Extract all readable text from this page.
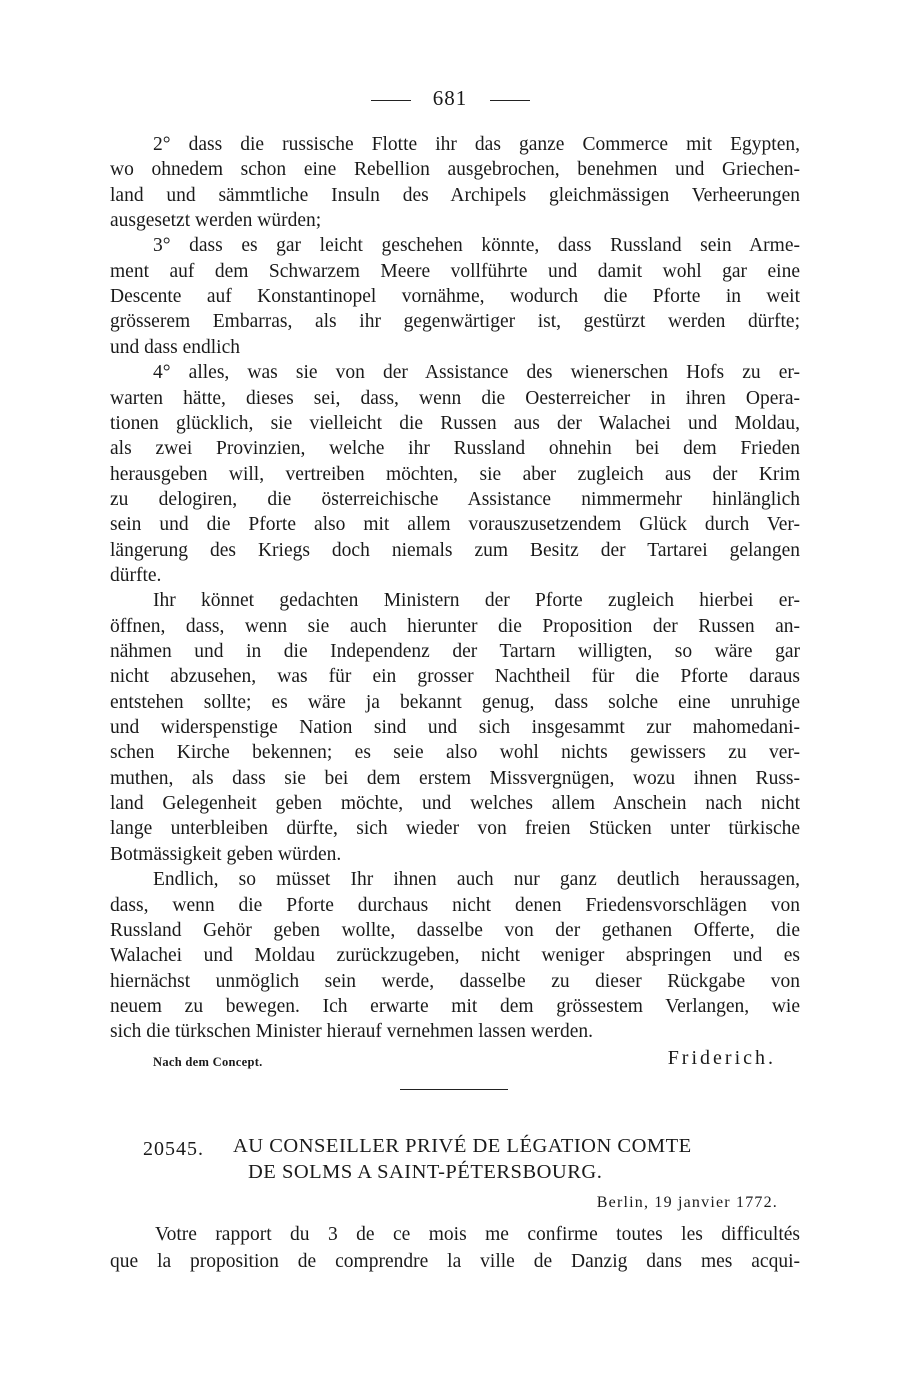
681
2° dass die russische Flotte ihr das ganze Commerce mit Egypten,
wo ohnedem schon eine Rebellion ausgebrochen, benehmen und Griechen-
land und sämmtliche Insuln des Archipels gleichmässigen Verheerungen
ausgesetzt werden würden;
3° dass es gar leicht geschehen könnte, dass Russland sein Arme-
ment auf dem Schwarzem Meere vollführte und damit wohl gar eine
Descente auf Konstantinopel vornähme, wodurch die Pforte in weit
grösserem Embarras, als ihr gegenwärtiger ist, gestürzt werden dürfte;
und dass endlich
4° alles, was sie von der Assistance des wienerschen Hofs zu er-
warten hätte, dieses sei, dass, wenn die Oesterreicher in ihren Opera-
tionen glücklich, sie vielleicht die Russen aus der Walachei und Moldau,
als zwei Provinzien, welche ihr Russland ohnehin bei dem Frieden
herausgeben will, vertreiben möchten, sie aber zugleich aus der Krim
zu delogiren, die österreichische Assistance nimmermehr hinlänglich
sein und die Pforte also mit allem vorauszusetzendem Glück durch Ver-
längerung des Kriegs doch niemals zum Besitz der Tartarei gelangen
dürfte.
Ihr könnet gedachten Ministern der Pforte zugleich hierbei er-
öffnen, dass, wenn sie auch hierunter die Proposition der Russen an-
nähmen und in die Independenz der Tartarn willigten, so wäre gar
nicht abzusehen, was für ein grosser Nachtheil für die Pforte daraus
entstehen sollte; es wäre ja bekannt genug, dass solche eine unruhige
und widerspenstige Nation sind und sich insgesammt zur mahomedani-
schen Kirche bekennen; es seie also wohl nichts gewissers zu ver-
muthen, als dass sie bei dem erstem Missvergnügen, wozu ihnen Russ-
land Gelegenheit geben möchte, und welches allem Anschein nach nicht
lange unterbleiben dürfte, sich wieder von freien Stücken unter türkische
Botmässigkeit geben würden.
Endlich, so müsset Ihr ihnen auch nur ganz deutlich heraussagen,
dass, wenn die Pforte durchaus nicht denen Friedensvorschlägen von
Russland Gehör geben wollte, dasselbe von der gethanen Offerte, die
Walachei und Moldau zurückzugeben, nicht weniger abspringen und es
hiernächst unmöglich sein werde, dasselbe zu dieser Rückgabe von
neuem zu bewegen. Ich erwarte mit dem grössestem Verlangen, wie
sich die türkschen Minister hierauf vernehmen lassen werden.
Nach dem Concept.	Friderich.
20545. AU CONSEILLER PRIVÉ DE LÉGATION COMTE
DE SOLMS A SAINT-PÉTERSBOURG.
Berlin, 19 janvier 1772.
Votre rapport du 3 de ce mois me confirme toutes les difficultés
que la proposition de comprendre la ville de Danzig dans mes acqui-
